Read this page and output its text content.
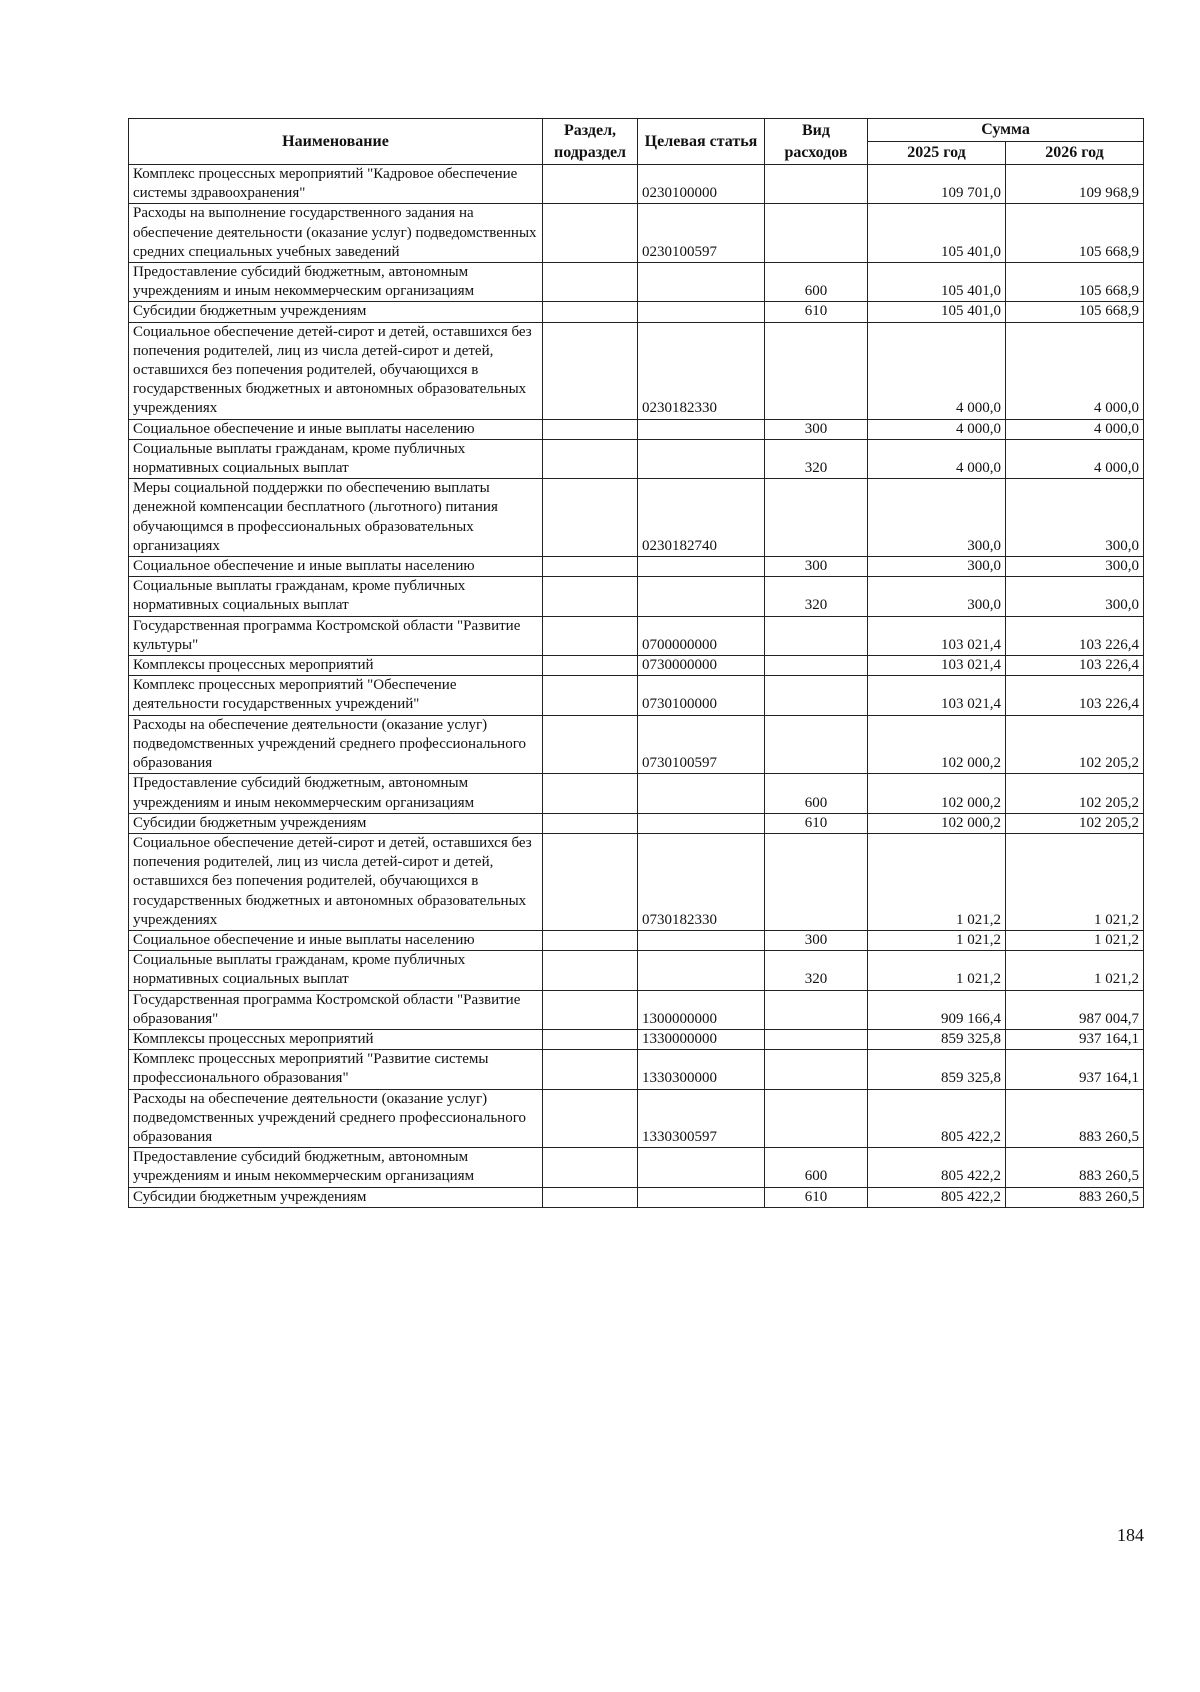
Наименование	Раздел, подраздел	Целевая статья	Вид расходов	Сумма	
				2025 год	2026 год
Комплекс процессных мероприятий "Кадровое обеспечение системы здравоохранения"		0230100000		109 701,0	109 968,9
Расходы на выполнение государственного задания на обеспечение деятельности (оказание услуг) подведомственных средних специальных учебных заведений		0230100597		105 401,0	105 668,9
Предоставление субсидий бюджетным, автономным учреждениям и иным некоммерческим организациям			600	105 401,0	105 668,9
Субсидии бюджетным учреждениям			610	105 401,0	105 668,9
Социальное обеспечение детей-сирот и детей, оставшихся без попечения родителей, лиц из числа детей-сирот и детей, оставшихся без попечения родителей, обучающихся в государственных бюджетных и автономных образовательных учреждениях		0230182330		4 000,0	4 000,0
Социальное обеспечение и иные выплаты населению			300	4 000,0	4 000,0
Социальные выплаты гражданам, кроме публичных нормативных социальных выплат			320	4 000,0	4 000,0
Меры социальной поддержки по обеспечению выплаты денежной компенсации бесплатного (льготного) питания обучающимся в профессиональных образовательных организациях		0230182740		300,0	300,0
Социальное обеспечение и иные выплаты населению			300	300,0	300,0
Социальные выплаты гражданам, кроме публичных нормативных социальных выплат			320	300,0	300,0
Государственная программа Костромской области "Развитие культуры"		0700000000		103 021,4	103 226,4
Комплексы процессных мероприятий		0730000000		103 021,4	103 226,4
Комплекс процессных мероприятий "Обеспечение деятельности государственных учреждений"		0730100000		103 021,4	103 226,4
Расходы на обеспечение деятельности (оказание услуг) подведомственных учреждений среднего профессионального образования		0730100597		102 000,2	102 205,2
Предоставление субсидий бюджетным, автономным учреждениям и иным некоммерческим организациям			600	102 000,2	102 205,2
Субсидии бюджетным учреждениям			610	102 000,2	102 205,2
Социальное обеспечение детей-сирот и детей, оставшихся без попечения родителей, лиц из числа детей-сирот и детей, оставшихся без попечения родителей, обучающихся в государственных бюджетных и автономных образовательных учреждениях		0730182330		1 021,2	1 021,2
Социальное обеспечение и иные выплаты населению			300	1 021,2	1 021,2
Социальные выплаты гражданам, кроме публичных нормативных социальных выплат			320	1 021,2	1 021,2
Государственная программа Костромской области "Развитие образования"		1300000000		909 166,4	987 004,7
Комплексы процессных мероприятий		1330000000		859 325,8	937 164,1
Комплекс процессных мероприятий "Развитие системы профессионального образования"		1330300000		859 325,8	937 164,1
Расходы на обеспечение деятельности (оказание услуг) подведомственных учреждений среднего профессионального образования		1330300597		805 422,2	883 260,5
Предоставление субсидий бюджетным, автономным учреждениям и иным некоммерческим организациям			600	805 422,2	883 260,5
Субсидии бюджетным учреждениям			610	805 422,2	883 260,5
184
